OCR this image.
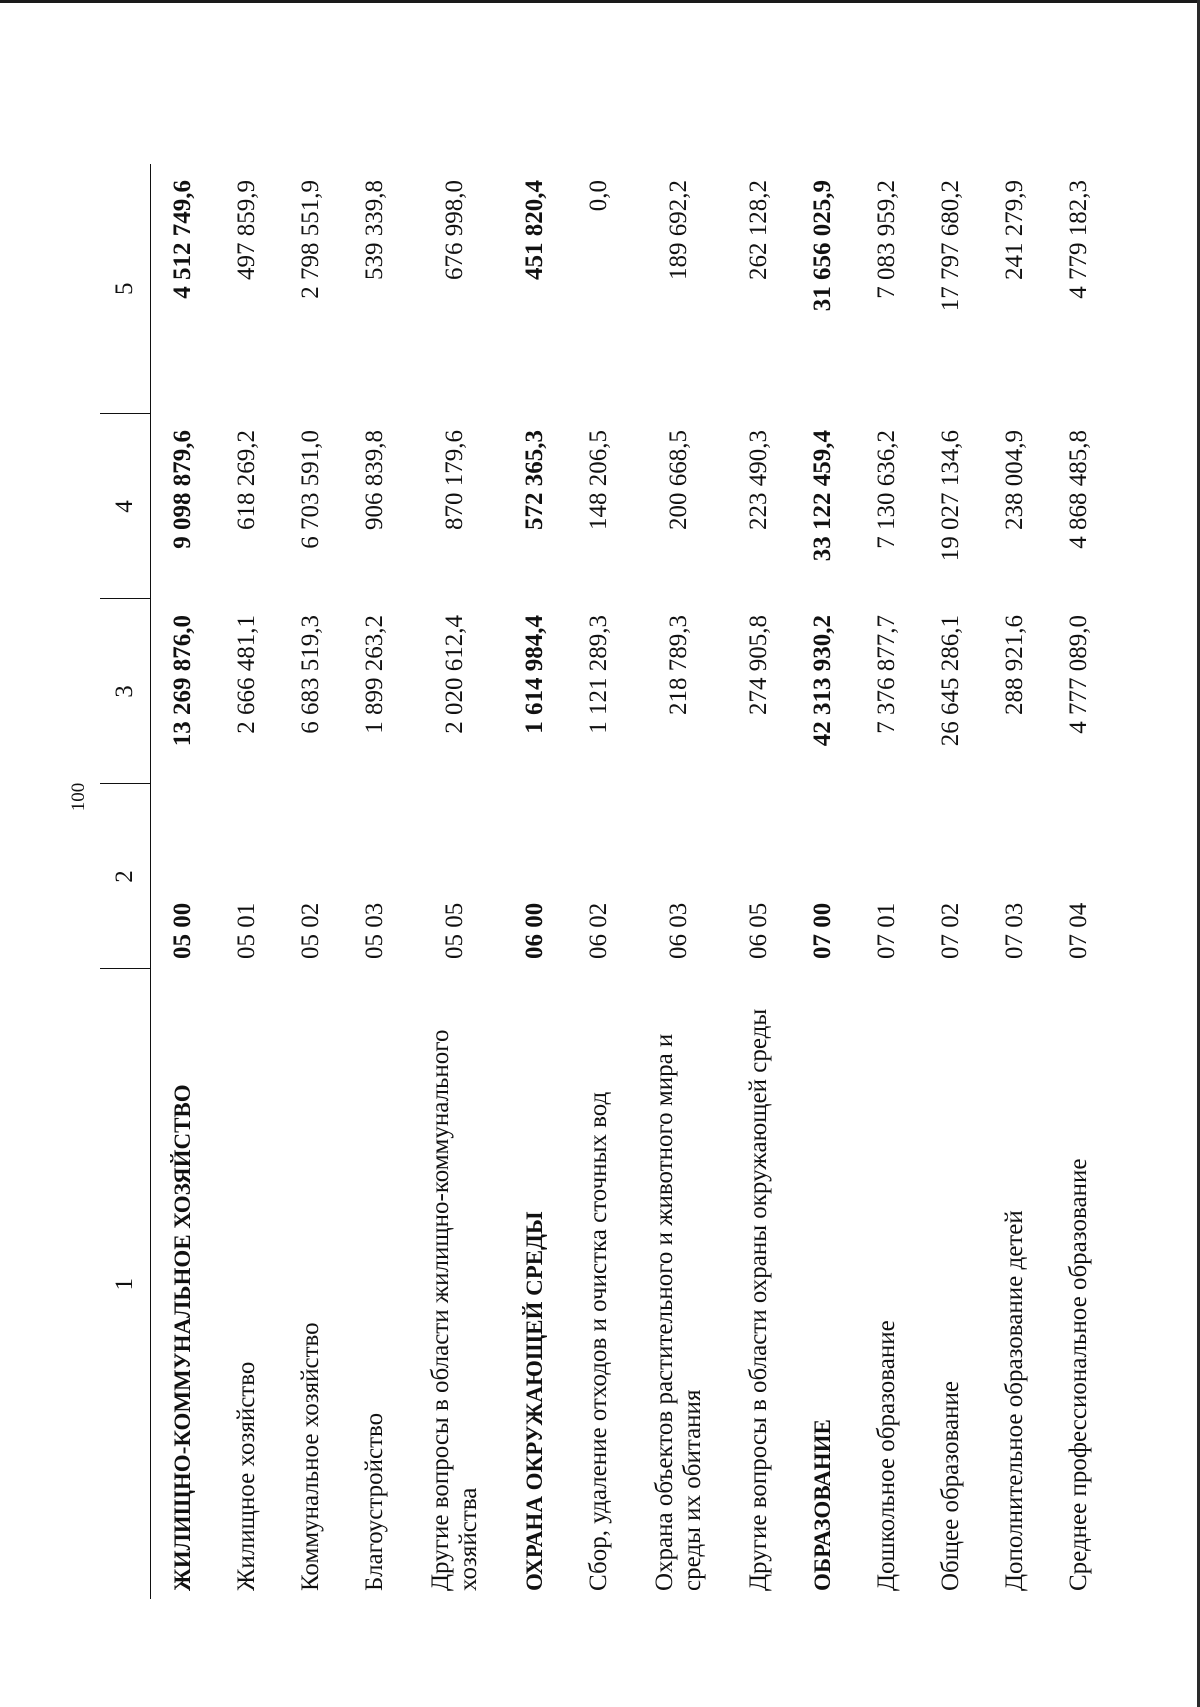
100
1	2	3	4	5
ЖИЛИЩНО-КОММУНАЛЬНОЕ ХОЗЯЙСТВО	05 00	13 269 876,0	9 098 879,6	4 512 749,6
Жилищное хозяйство	05 01	2 666 481,1	618 269,2	497 859,9
Коммунальное хозяйство	05 02	6 683 519,3	6 703 591,0	2 798 551,9
Благоустройство	05 03	1 899 263,2	906 839,8	539 339,8
Другие вопросы в области жилищно-коммунального хозяйства	05 05	2 020 612,4	870 179,6	676 998,0
ОХРАНА ОКРУЖАЮЩЕЙ СРЕДЫ	06 00	1 614 984,4	572 365,3	451 820,4
Сбор, удаление отходов и очистка сточных вод	06 02	1 121 289,3	148 206,5	0,0
Охрана объектов растительного и животного мира и среды их обитания	06 03	218 789,3	200 668,5	189 692,2
Другие вопросы в области охраны окружающей среды	06 05	274 905,8	223 490,3	262 128,2
ОБРАЗОВАНИЕ	07 00	42 313 930,2	33 122 459,4	31 656 025,9
Дошкольное образование	07 01	7 376 877,7	7 130 636,2	7 083 959,2
Общее образование	07 02	26 645 286,1	19 027 134,6	17 797 680,2
Дополнительное образование детей	07 03	288 921,6	238 004,9	241 279,9
Среднее профессиональное образование	07 04	4 777 089,0	4 868 485,8	4 779 182,3
